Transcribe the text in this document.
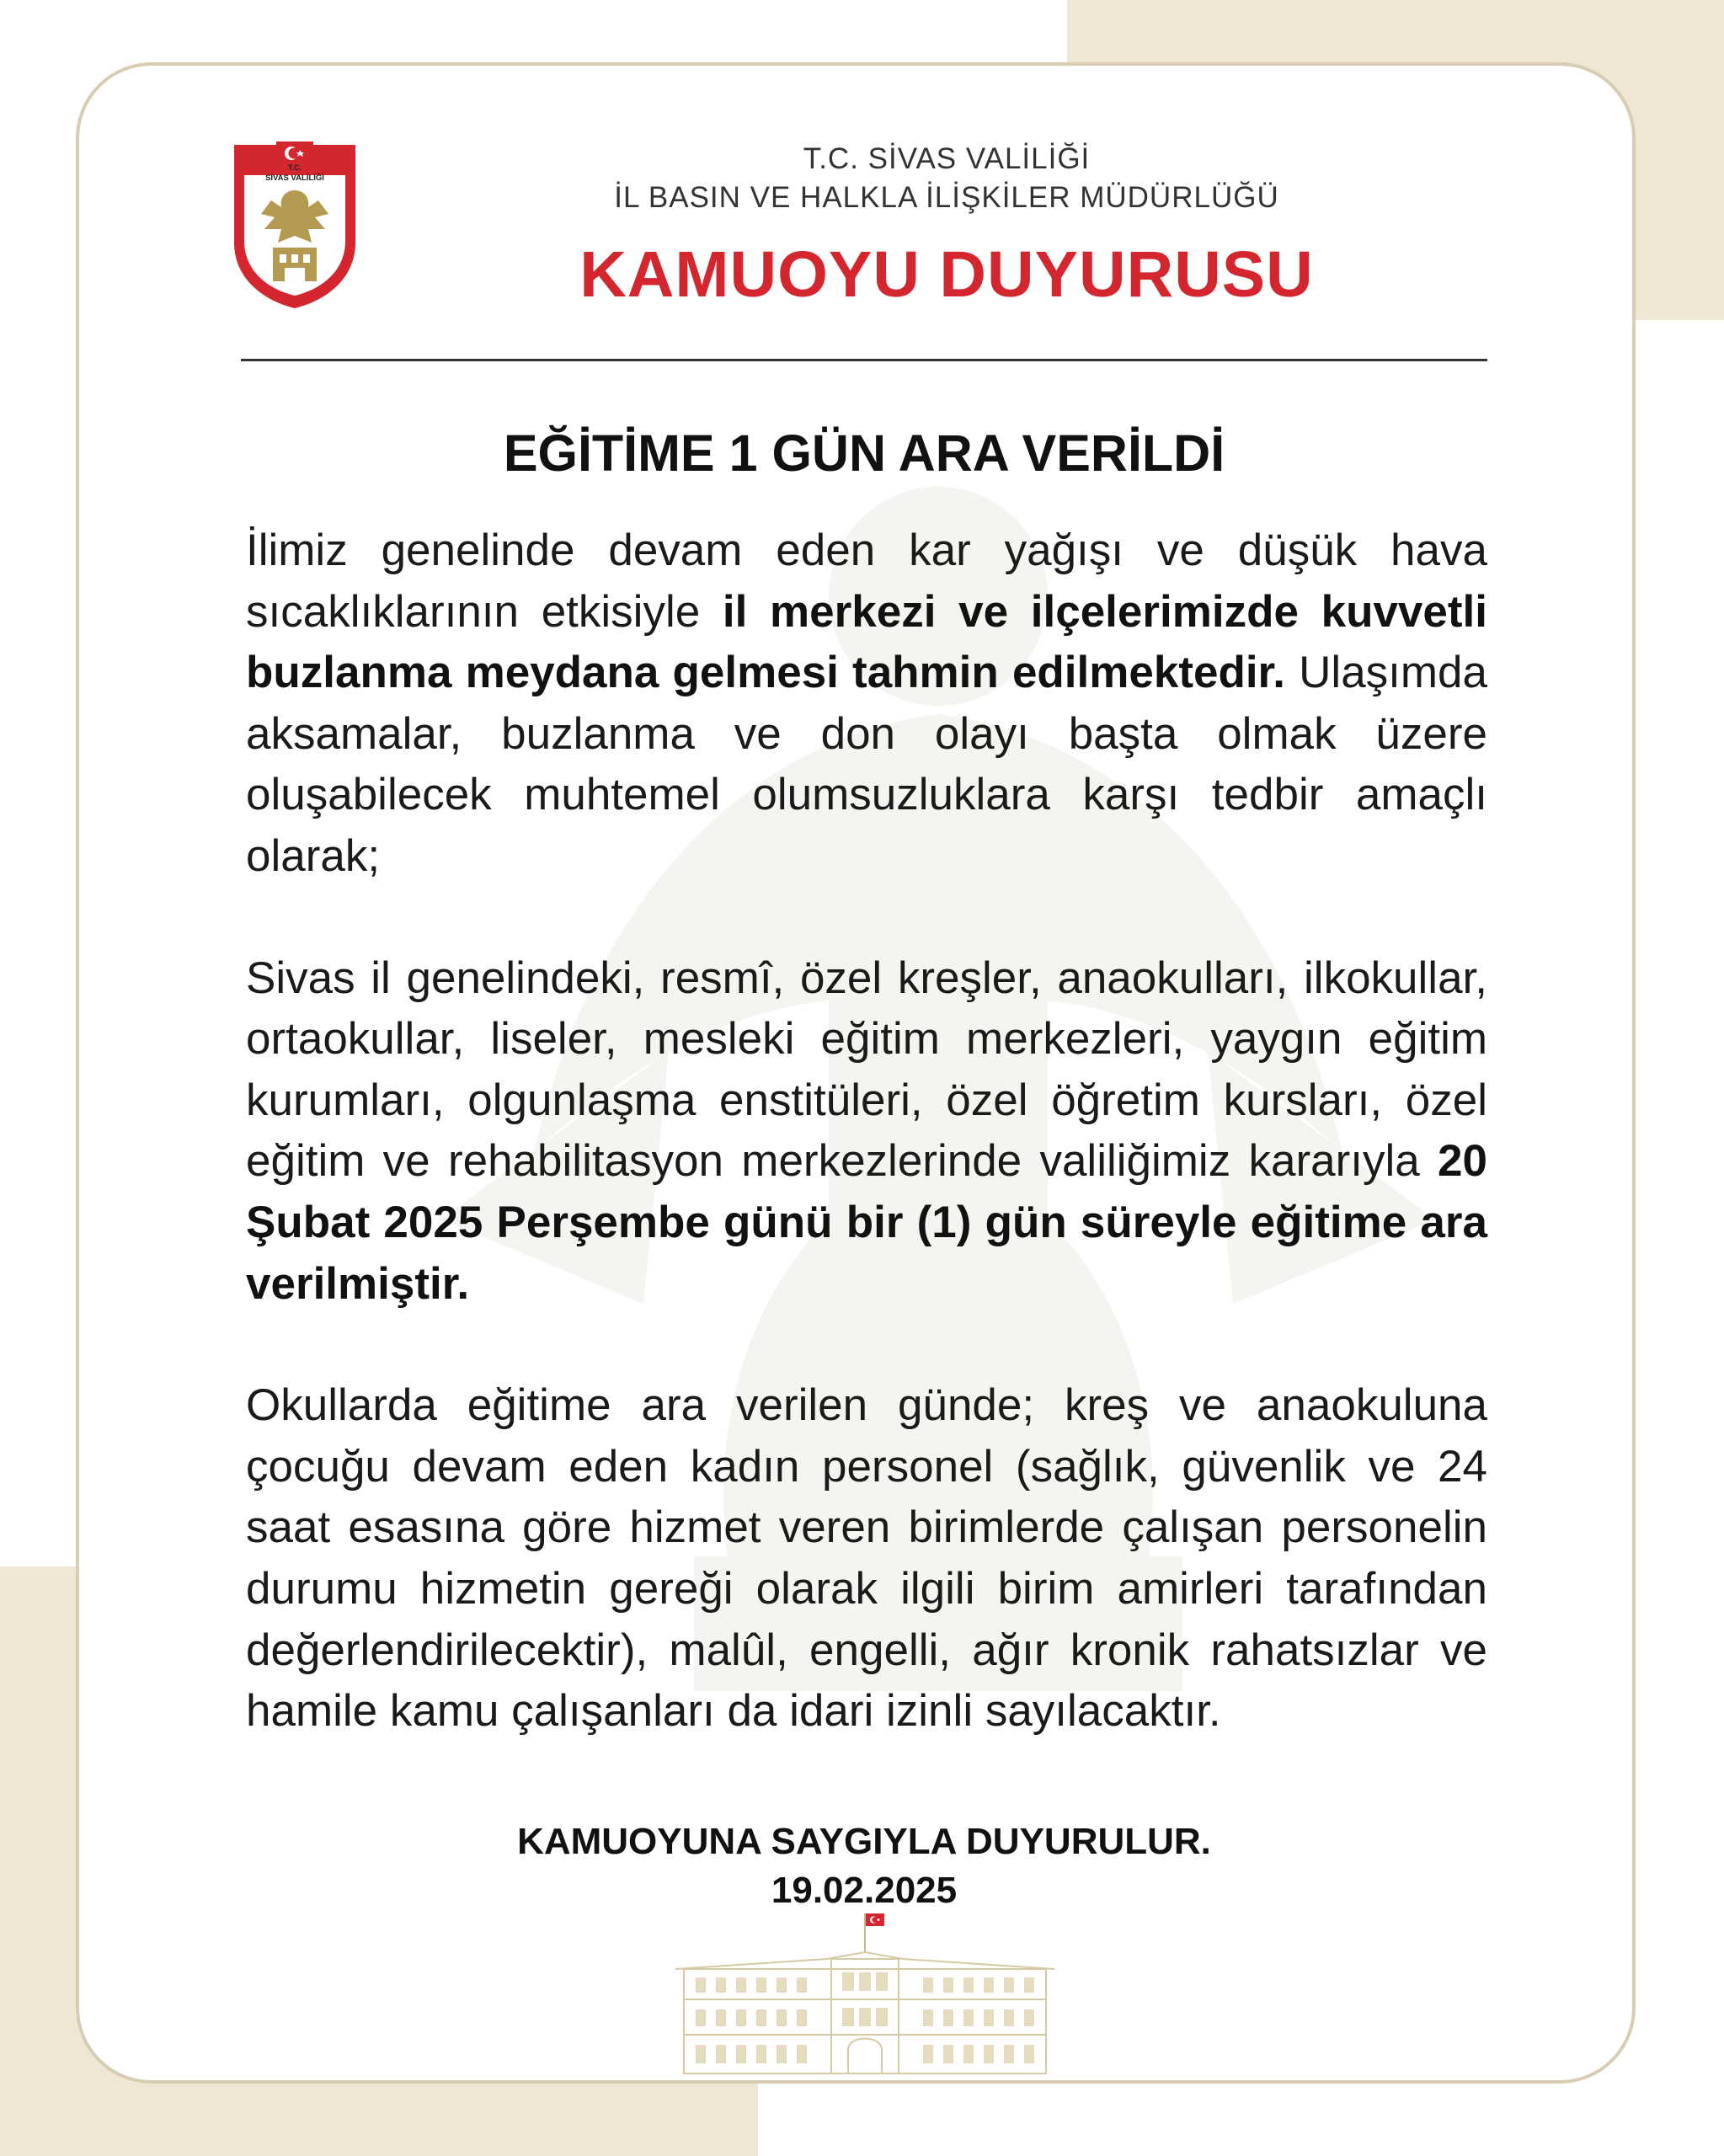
T.C.
SİVAS VALİLİĞİ
T.C. SİVAS VALİLİĞİ
İL BASIN VE HALKLA İLİŞKİLER MÜDÜRLÜĞÜ
KAMUOYU DUYURUSU
EĞİTİME 1 GÜN ARA VERİLDİ

İlimiz genelinde devam eden kar yağışı ve düşük hava sıcaklıklarının etkisiyle il merkezi ve ilçelerimizde kuvvetli buzlanma meydana gelmesi tahmin edilmektedir. Ulaşımda aksamalar, buzlanma ve don olayı başta olmak üzere oluşabilecek muhtemel olumsuzluklara karşı tedbir amaçlı olarak;

Sivas il genelindeki, resmî, özel kreşler, anaokulları, ilkokullar, ortaokullar, liseler, mesleki eğitim merkezleri, yaygın eğitim kurumları, olgunlaşma enstitüleri, özel öğretim kursları, özel eğitim ve rehabilitasyon merkezlerinde valiliğimiz kararıyla 20 Şubat 2025 Perşembe günü bir (1) gün süreyle eğitime ara verilmiştir.

Okullarda eğitime ara verilen günde; kreş ve anaokuluna çocuğu devam eden kadın personel (sağlık, güvenlik ve 24 saat esasına göre hizmet veren birimlerde çalışan personelin durumu hizmetin gereği olarak ilgili birim amirleri tarafından değerlendirilecektir), malûl, engelli, ağır kronik rahatsızlar ve hamile kamu çalışanları da idari izinli sayılacaktır.

KAMUOYUNA SAYGIYLA DUYURULUR.
19.02.2025
